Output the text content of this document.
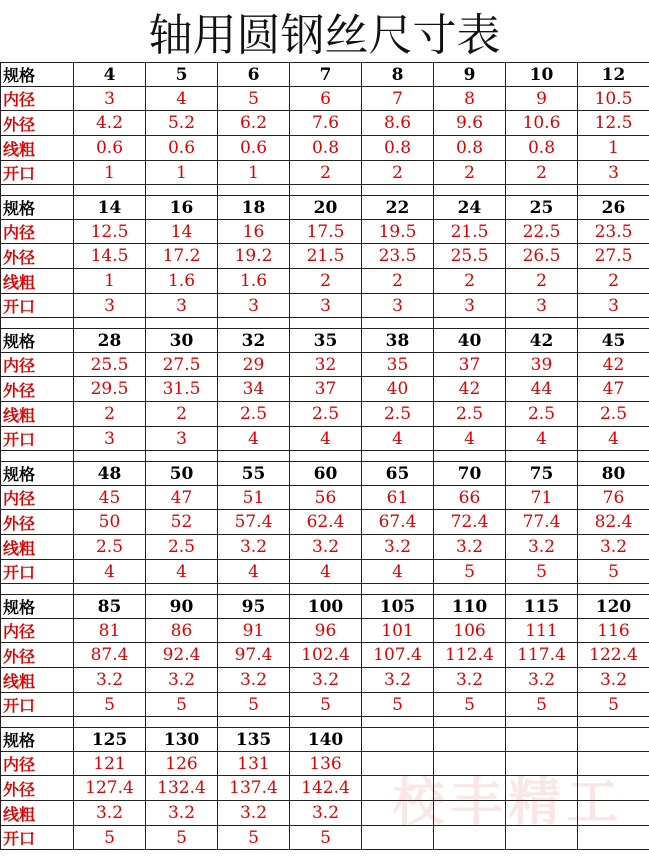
轴用圆钢丝尺寸表
规格	4	5	6	7	8	9	10	12
内径	3	4	5	6	7	8	9	10.5
外径	4.2	5.2	6.2	7.6	8.6	9.6	10.6	12.5
线粗	0.6	0.6	0.6	0.8	0.8	0.8	0.8	1
开口	1	1	1	2	2	2	2	3

规格	14	16	18	20	22	24	25	26
内径	12.5	14	16	17.5	19.5	21.5	22.5	23.5
外径	14.5	17.2	19.2	21.5	23.5	25.5	26.5	27.5
线粗	1	1.6	1.6	2	2	2	2	2
开口	3	3	3	3	3	3	3	3

规格	28	30	32	35	38	40	42	45
内径	25.5	27.5	29	32	35	37	39	42
外径	29.5	31.5	34	37	40	42	44	47
线粗	2	2	2.5	2.5	2.5	2.5	2.5	2.5
开口	3	3	4	4	4	4	4	4

规格	48	50	55	60	65	70	75	80
内径	45	47	51	56	61	66	71	76
外径	50	52	57.4	62.4	67.4	72.4	77.4	82.4
线粗	2.5	2.5	3.2	3.2	3.2	3.2	3.2	3.2
开口	4	4	4	4	4	5	5	5

规格	85	90	95	100	105	110	115	120
内径	81	86	91	96	101	106	111	116
外径	87.4	92.4	97.4	102.4	107.4	112.4	117.4	122.4
线粗	3.2	3.2	3.2	3.2	3.2	3.2	3.2	3.2
开口	5	5	5	5	5	5	5	5

规格	125	130	135	140				
内径	121	126	131	136				
外径	127.4	132.4	137.4	142.4				
线粗	3.2	3.2	3.2	3.2				
开口	5	5	5	5				
校丰精工
